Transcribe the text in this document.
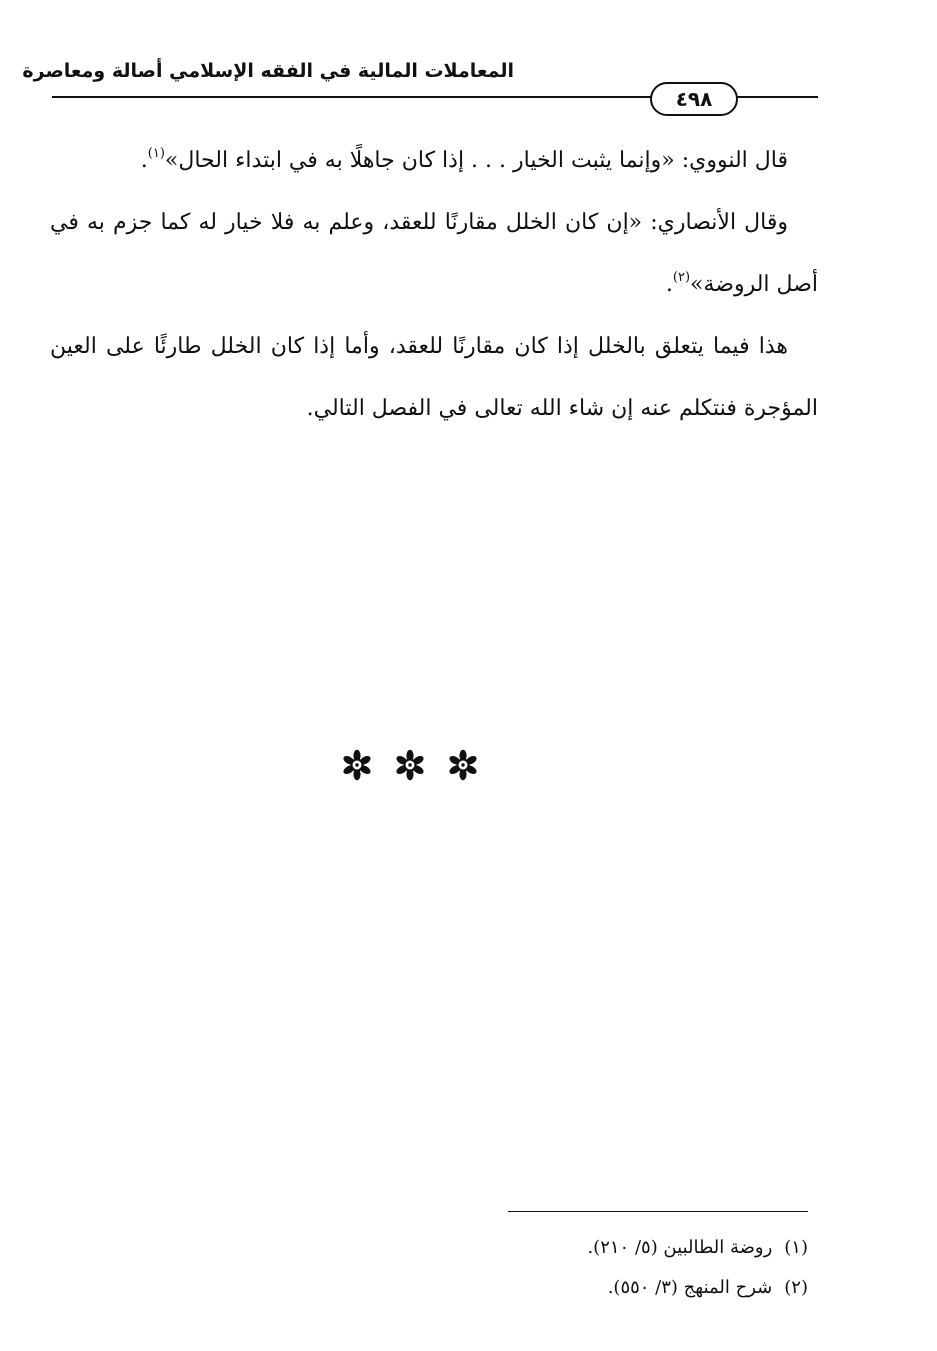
المعاملات المالية في الفقه الإسلامي أصالة ومعاصرة
٤٩٨

قال النووي: «وإنما يثبت الخيار . . . إذا كان جاهلًا به في ابتداء الحال»$^{(١)}$.

وقال الأنصاري: «إن كان الخلل مقارنًا للعقد، وعلم به فلا خيار له كما جزم به في أصل الروضة»$^{(٢)}$.

هذا فيما يتعلق بالخلل إذا كان مقارنًا للعقد، وأما إذا كان الخلل طارئًا على العين المؤجرة فنتكلم عنه إن شاء الله تعالى في الفصل التالي.

(١)روضة الطالبين (٥/ ٢١٠).

(٢)شرح المنهج (٣/ ٥٥٠).
